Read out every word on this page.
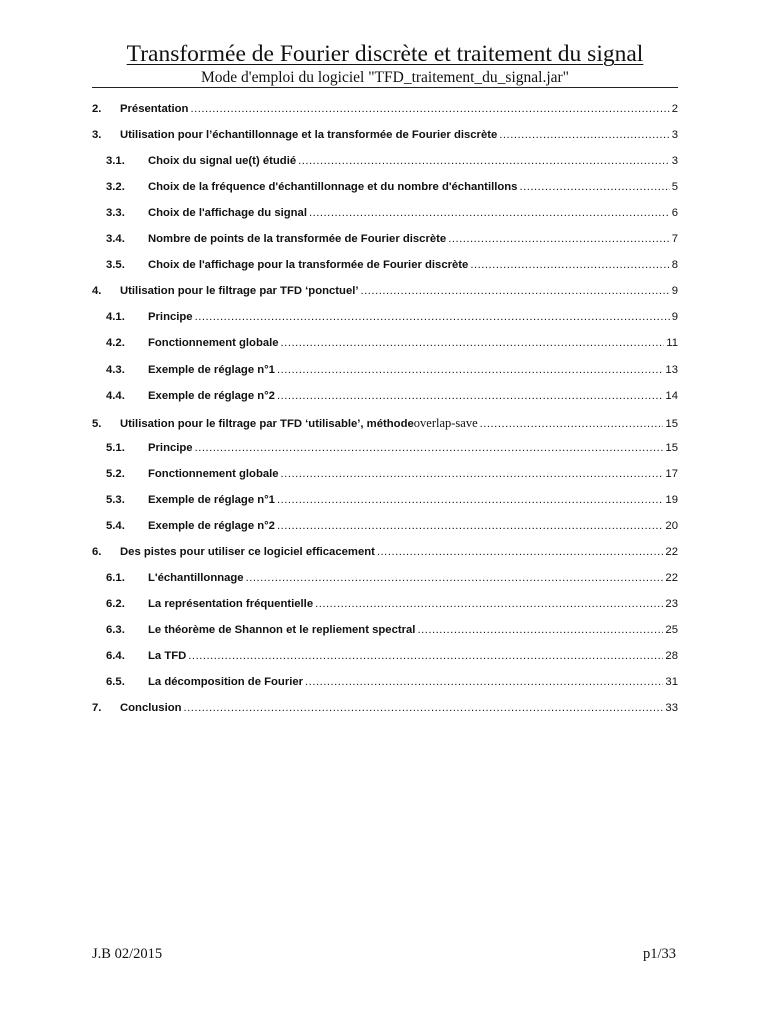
Transformée de Fourier discrète et traitement du signal
Mode d'emploi du logiciel "TFD_traitement_du_signal.jar"
2.	Présentation .....	2
3.	Utilisation pour l’échantillonnage et la transformée de Fourier discrète .....	3
3.1.	Choix du signal ue(t) étudié .....	3
3.2.	Choix de la fréquence d'échantillonnage et du nombre d'échantillons .....	5
3.3.	Choix de l'affichage du signal .....	6
3.4.	Nombre de points de la transformée de Fourier discrète .....	7
3.5.	Choix de l'affichage pour la transformée de Fourier discrète .....	8
4.	Utilisation pour le filtrage par TFD ‘ponctuel’ .....	9
4.1.	Principe .....	9
4.2.	Fonctionnement globale .....	11
4.3.	Exemple de réglage n°1 .....	13
4.4.	Exemple de réglage n°2 .....	14
5.	Utilisation pour le filtrage par TFD ‘utilisable’, méthode overlap-save .....	15
5.1.	Principe .....	15
5.2.	Fonctionnement globale .....	17
5.3.	Exemple de réglage n°1 .....	19
5.4.	Exemple de réglage n°2 .....	20
6.	Des pistes pour utiliser ce logiciel efficacement .....	22
6.1.	L'échantillonnage .....	22
6.2.	La représentation fréquentielle .....	23
6.3.	Le théorème de Shannon et le repliement spectral .....	25
6.4.	La TFD .....	28
6.5.	La décomposition de Fourier .....	31
7.	Conclusion .....	33
J.B 02/2015	p1/33
